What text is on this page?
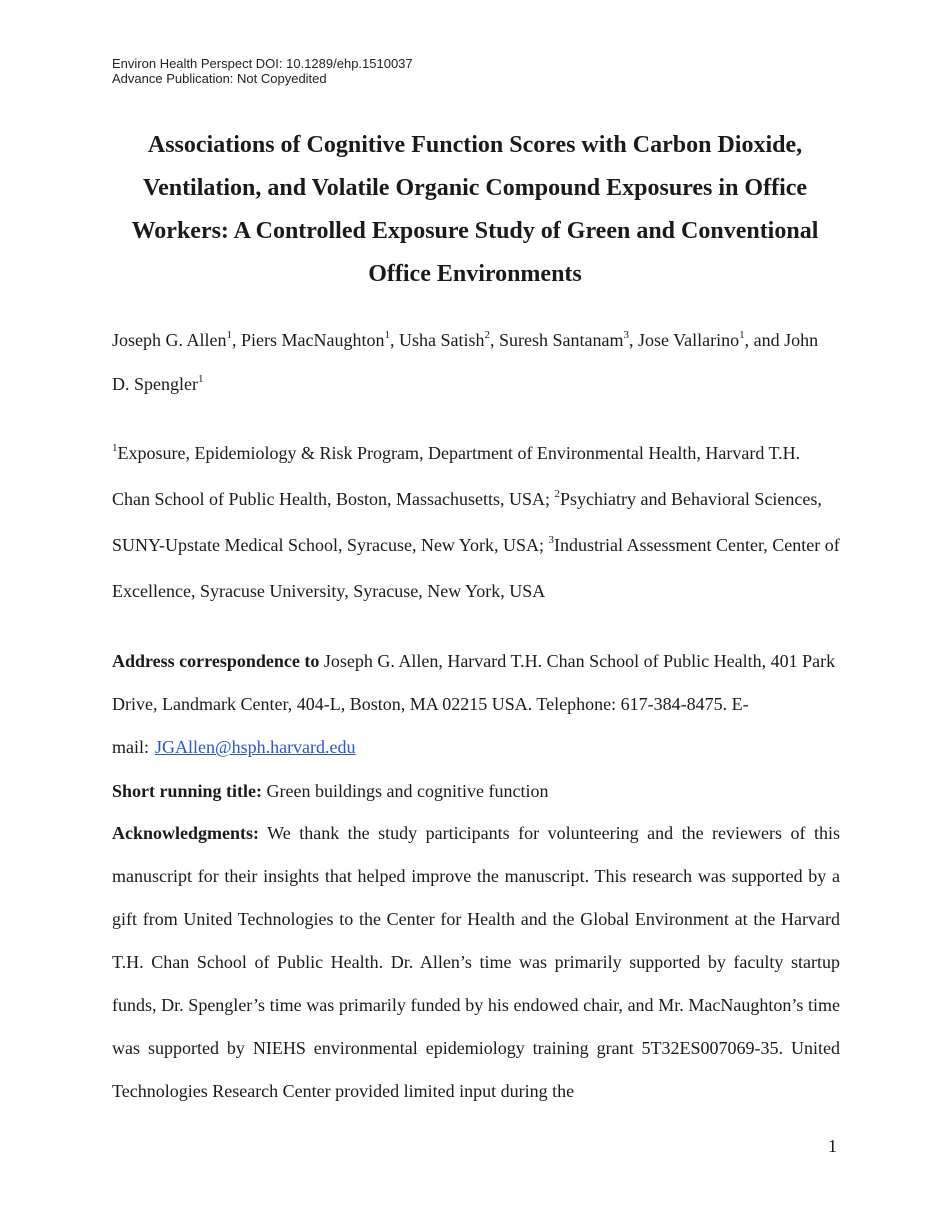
Environ Health Perspect DOI: 10.1289/ehp.1510037
Advance Publication: Not Copyedited
Associations of Cognitive Function Scores with Carbon Dioxide, Ventilation, and Volatile Organic Compound Exposures in Office Workers: A Controlled Exposure Study of Green and Conventional Office Environments

Joseph G. Allen$^1$, Piers MacNaughton$^1$, Usha Satish$^2$, Suresh Santanam$^3$, Jose Vallarino$^1$, and John D. Spengler$^1$

$^1$Exposure, Epidemiology & Risk Program, Department of Environmental Health, Harvard T.H. Chan School of Public Health, Boston, Massachusetts, USA; $^2$Psychiatry and Behavioral Sciences, SUNY-Upstate Medical School, Syracuse, New York, USA; $^3$Industrial Assessment Center, Center of Excellence, Syracuse University, Syracuse, New York, USA

Address correspondence to Joseph G. Allen, Harvard T.H. Chan School of Public Health, 401 Park Drive, Landmark Center, 404-L, Boston, MA 02215 USA. Telephone: 617-384-8475. E-mail: JGAllen@hsph.harvard.edu

Short running title: Green buildings and cognitive function

Acknowledgments: We thank the study participants for volunteering and the reviewers of this manuscript for their insights that helped improve the manuscript. This research was supported by a gift from United Technologies to the Center for Health and the Global Environment at the Harvard T.H. Chan School of Public Health. Dr. Allen’s time was primarily supported by faculty startup funds, Dr. Spengler’s time was primarily funded by his endowed chair, and Mr. MacNaughton’s time was supported by NIEHS environmental epidemiology training grant 5T32ES007069-35. United Technologies Research Center provided limited input during the

1
